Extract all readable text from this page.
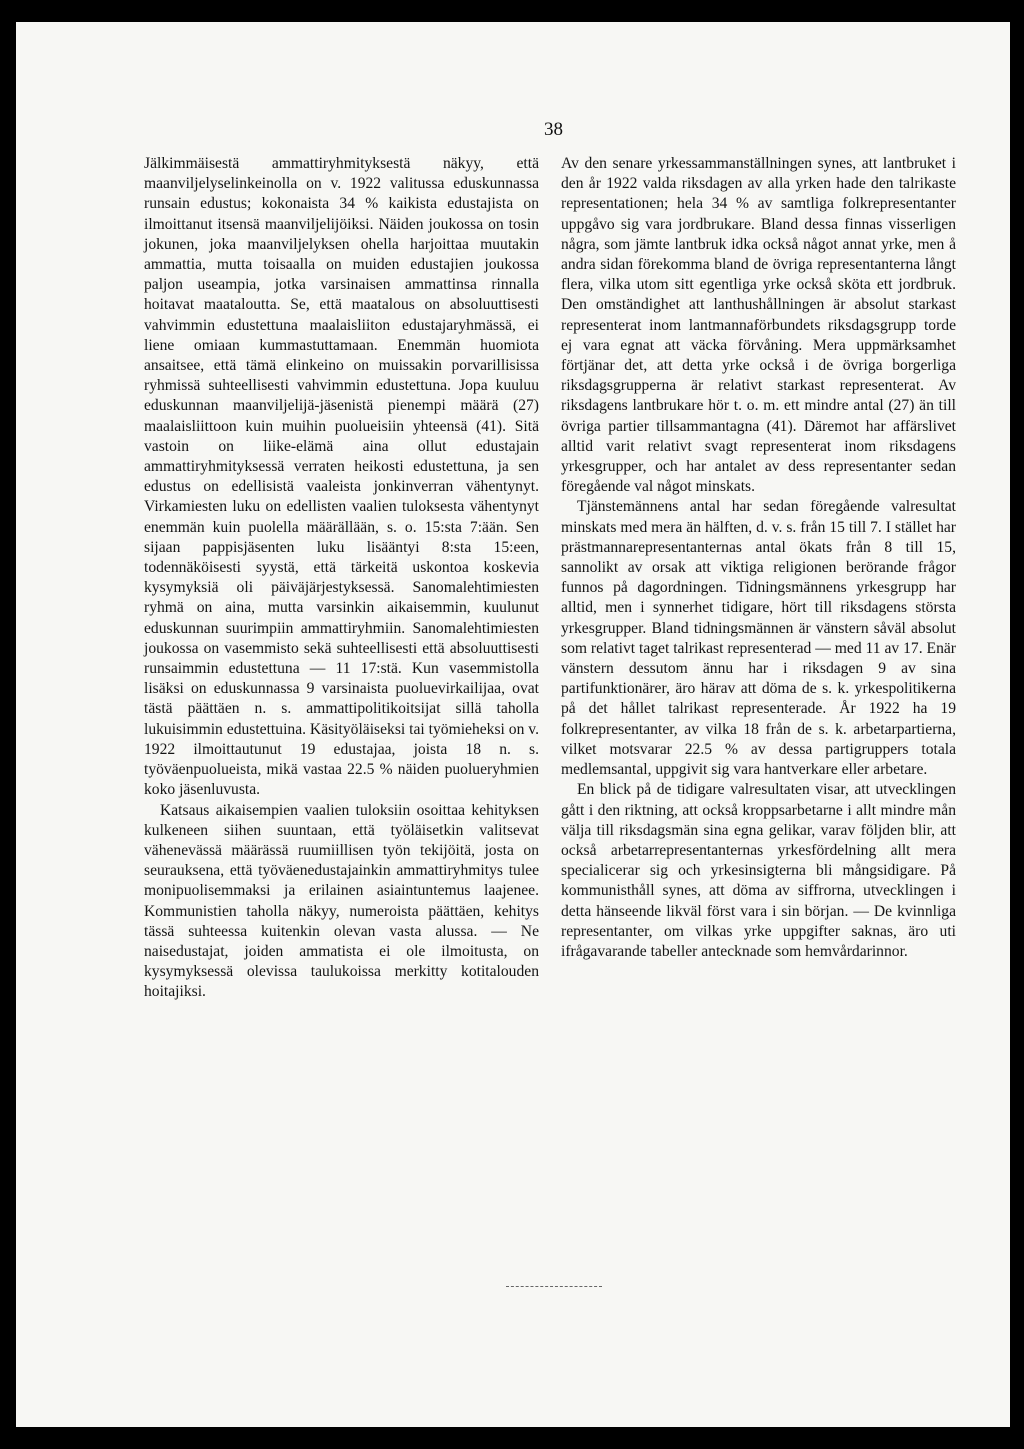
38

Jälkimmäisestä ammattiryhmityksestä näkyy, että maanviljelyselinkeinolla on v. 1922 valitussa eduskunnassa runsain edustus; kokonaista 34 % kaikista edustajista on ilmoittanut itsensä maanviljelijöiksi. Näiden joukossa on tosin jokunen, joka maanviljelyksen ohella harjoittaa muutakin ammattia, mutta toisaalla on muiden edustajien joukossa paljon useampia, jotka varsinaisen ammattinsa rinnalla hoitavat maataloutta. Se, että maatalous on absoluuttisesti vahvimmin edustettuna maalaisliiton edustajaryhmässä, ei liene omiaan kummastuttamaan. Enemmän huomiota ansaitsee, että tämä elinkeino on muissakin porvarillisissa ryhmissä suhteellisesti vahvimmin edustettuna. Jopa kuuluu eduskunnan maanviljelijä-jäsenistä pienempi määrä (27) maalaisliittoon kuin muihin puolueisiin yhteensä (41). Sitä vastoin on liike-elämä aina ollut edustajain ammattiryhmityksessä verraten heikosti edustettuna, ja sen edustus on edellisistä vaaleista jonkinverran vähentynyt. Virkamiesten luku on edellisten vaalien tuloksesta vähentynyt enemmän kuin puolella määrällään, s. o. 15:sta 7:ään. Sen sijaan pappisjäsenten luku lisääntyi 8:sta 15:een, todennäköisesti syystä, että tärkeitä uskontoa koskevia kysymyksiä oli päiväjärjestyksessä. Sanomalehtimiesten ryhmä on aina, mutta varsinkin aikaisemmin, kuulunut eduskunnan suurimpiin ammattiryhmiin. Sanomalehtimiesten joukossa on vasemmisto sekä suhteellisesti että absoluuttisesti runsaimmin edustettuna — 11 17:stä. Kun vasemmistolla lisäksi on eduskunnassa 9 varsinaista puoluevirkailijaa, ovat tästä päättäen n. s. ammattipolitikoitsijat sillä taholla lukuisimmin edustettuina. Käsityöläiseksi tai työmieheksi on v. 1922 ilmoittautunut 19 edustajaa, joista 18 n. s. työväenpuolueista, mikä vastaa 22.5 % näiden puolueryhmien koko jäsenluvusta.

Katsaus aikaisempien vaalien tuloksiin osoittaa kehityksen kulkeneen siihen suuntaan, että työläisetkin valitsevat vähenevässä määrässä ruumiillisen työn tekijöitä, josta on seurauksena, että työväenedustajainkin ammattiryhmitys tulee monipuolisemmaksi ja erilainen asiaintuntemus laajenee. Kommunistien taholla näkyy, numeroista päättäen, kehitys tässä suhteessa kuitenkin olevan vasta alussa. — Ne naisedustajat, joiden ammatista ei ole ilmoitusta, on kysymyksessä olevissa taulukoissa merkitty kotitalouden hoitajiksi.

Av den senare yrkessammanställningen synes, att lantbruket i den år 1922 valda riksdagen av alla yrken hade den talrikaste representationen; hela 34 % av samtliga folkrepresentanter uppgåvo sig vara jordbrukare. Bland dessa finnas visserligen några, som jämte lantbruk idka också något annat yrke, men å andra sidan förekomma bland de övriga representanterna långt flera, vilka utom sitt egentliga yrke också sköta ett jordbruk. Den omständighet att lanthushållningen är absolut starkast representerat inom lantmannaförbundets riksdagsgrupp torde ej vara egnat att väcka förvåning. Mera uppmärksamhet förtjänar det, att detta yrke också i de övriga borgerliga riksdagsgrupperna är relativt starkast representerat. Av riksdagens lantbrukare hör t. o. m. ett mindre antal (27) än till övriga partier tillsammantagna (41). Däremot har affärslivet alltid varit relativt svagt representerat inom riksdagens yrkesgrupper, och har antalet av dess representanter sedan föregående val något minskats.

Tjänstemännens antal har sedan föregående valresultat minskats med mera än hälften, d. v. s. från 15 till 7. I stället har prästmannarepresentanternas antal ökats från 8 till 15, sannolikt av orsak att viktiga religionen berörande frågor funnos på dagordningen. Tidningsmännens yrkesgrupp har alltid, men i synnerhet tidigare, hört till riksdagens största yrkesgrupper. Bland tidningsmännen är vänstern såväl absolut som relativt taget talrikast representerad — med 11 av 17. Enär vänstern dessutom ännu har i riksdagen 9 av sina partifunktionärer, äro härav att döma de s. k. yrkespolitikerna på det hållet talrikast representerade. År 1922 ha 19 folkrepresentanter, av vilka 18 från de s. k. arbetarpartierna, vilket motsvarar 22.5 % av dessa partigruppers totala medlemsantal, uppgivit sig vara hantverkare eller arbetare.

En blick på de tidigare valresultaten visar, att utvecklingen gått i den riktning, att också kroppsarbetarne i allt mindre mån välja till riksdagsmän sina egna gelikar, varav följden blir, att också arbetarrepresentanternas yrkesfördelning allt mera specialicerar sig och yrkesinsigterna bli mångsidigare. På kommunisthåll synes, att döma av siffrorna, utvecklingen i detta hänseende likväl först vara i sin början. — De kvinnliga representanter, om vilkas yrke uppgifter saknas, äro uti ifrågavarande tabeller antecknade som hemvårdarinnor.
